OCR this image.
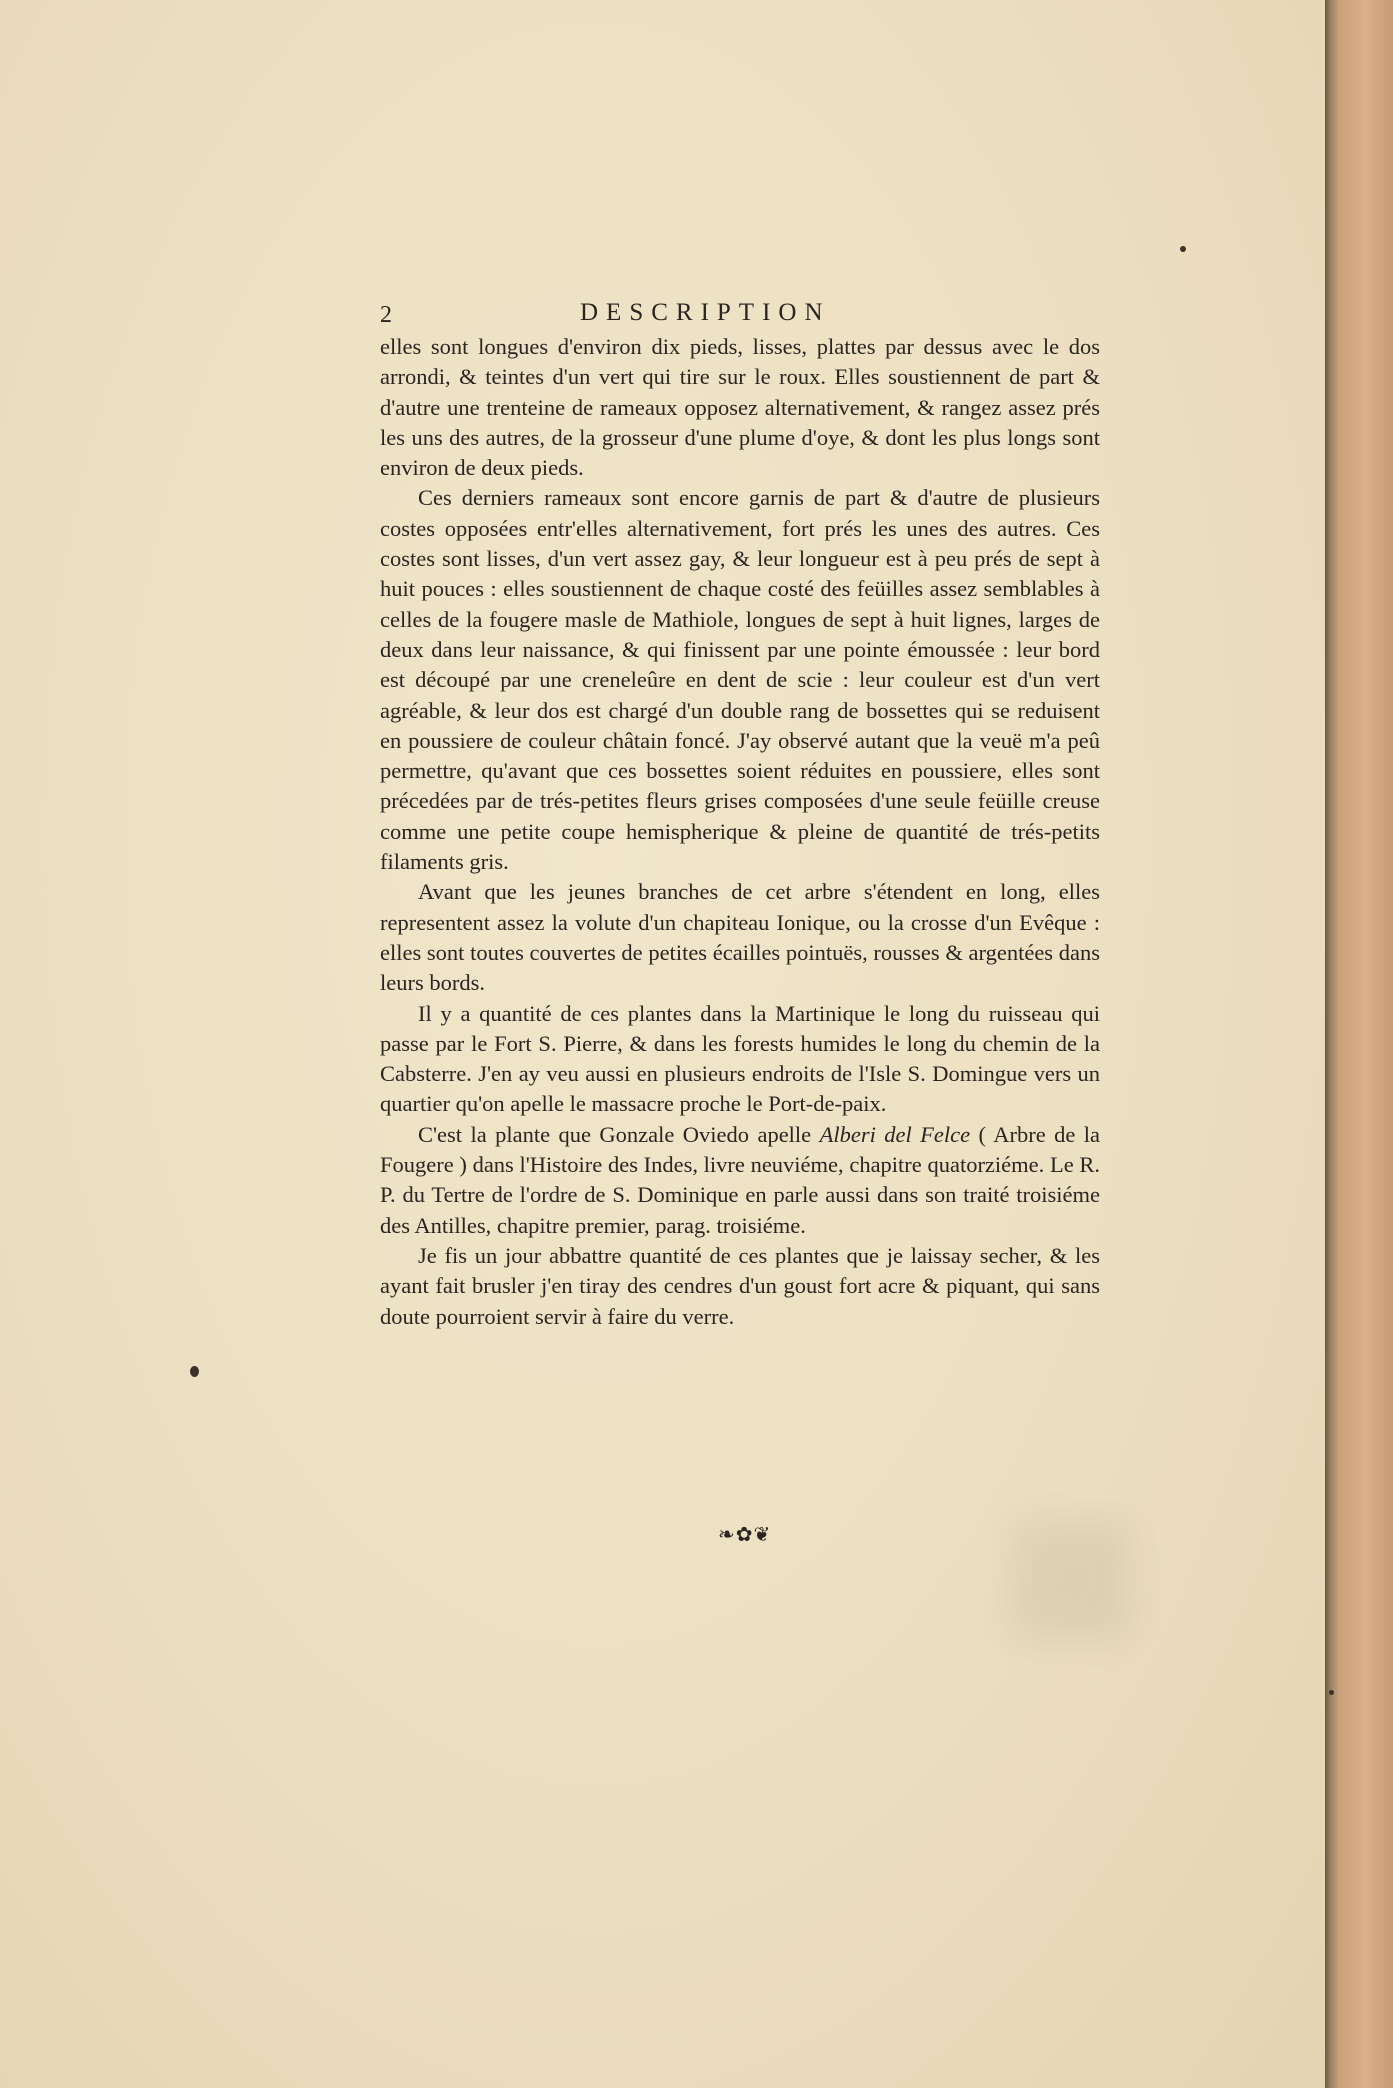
2	DESCRIPTION

elles sont longues d'environ dix pieds, lisses, plattes par dessus avec le dos arrondi, & teintes d'un vert qui tire sur le roux. Elles soustiennent de part & d'autre une trenteine de rameaux opposez alternativement, & rangez assez prés les uns des autres, de la grosseur d'une plume d'oye, & dont les plus longs sont environ de deux pieds.

Ces derniers rameaux sont encore garnis de part & d'autre de plusieurs costes opposées entr'elles alternativement, fort prés les unes des autres. Ces costes sont lisses, d'un vert assez gay, & leur longueur est à peu prés de sept à huit pouces : elles soustiennent de chaque costé des feüilles assez semblables à celles de la fougere masle de Mathiole, longues de sept à huit lignes, larges de deux dans leur naissance, & qui finissent par une pointe émoussée : leur bord est découpé par une creneleûre en dent de scie : leur couleur est d'un vert agréable, & leur dos est chargé d'un double rang de bossettes qui se reduisent en poussiere de couleur châtain foncé. J'ay observé autant que la veuë m'a peû permettre, qu'avant que ces bossettes soient réduites en poussiere, elles sont précedées par de trés-petites fleurs grises composées d'une seule feüille creuse comme une petite coupe hemispherique & pleine de quantité de trés-petits filaments gris.

Avant que les jeunes branches de cet arbre s'étendent en long, elles representent assez la volute d'un chapiteau Ionique, ou la crosse d'un Evêque : elles sont toutes couvertes de petites écailles pointuës, rousses & argentées dans leurs bords.

Il y a quantité de ces plantes dans la Martinique le long du ruisseau qui passe par le Fort S. Pierre, & dans les forests humides le long du chemin de la Cabsterre. J'en ay veu aussi en plusieurs endroits de l'Isle S. Domingue vers un quartier qu'on apelle le massacre proche le Port-de-paix.

C'est la plante que Gonzale Oviedo apelle Alberi del Felce ( Arbre de la Fougere ) dans l'Histoire des Indes, livre neuviéme, chapitre quatorziéme. Le R. P. du Tertre de l'ordre de S. Dominique en parle aussi dans son traité troisiéme des Antilles, chapitre premier, parag. troisiéme.

Je fis un jour abbattre quantité de ces plantes que je laissay secher, & les ayant fait brusler j'en tiray des cendres d'un goust fort acre & piquant, qui sans doute pourroient servir à faire du verre.

❧✿❦
